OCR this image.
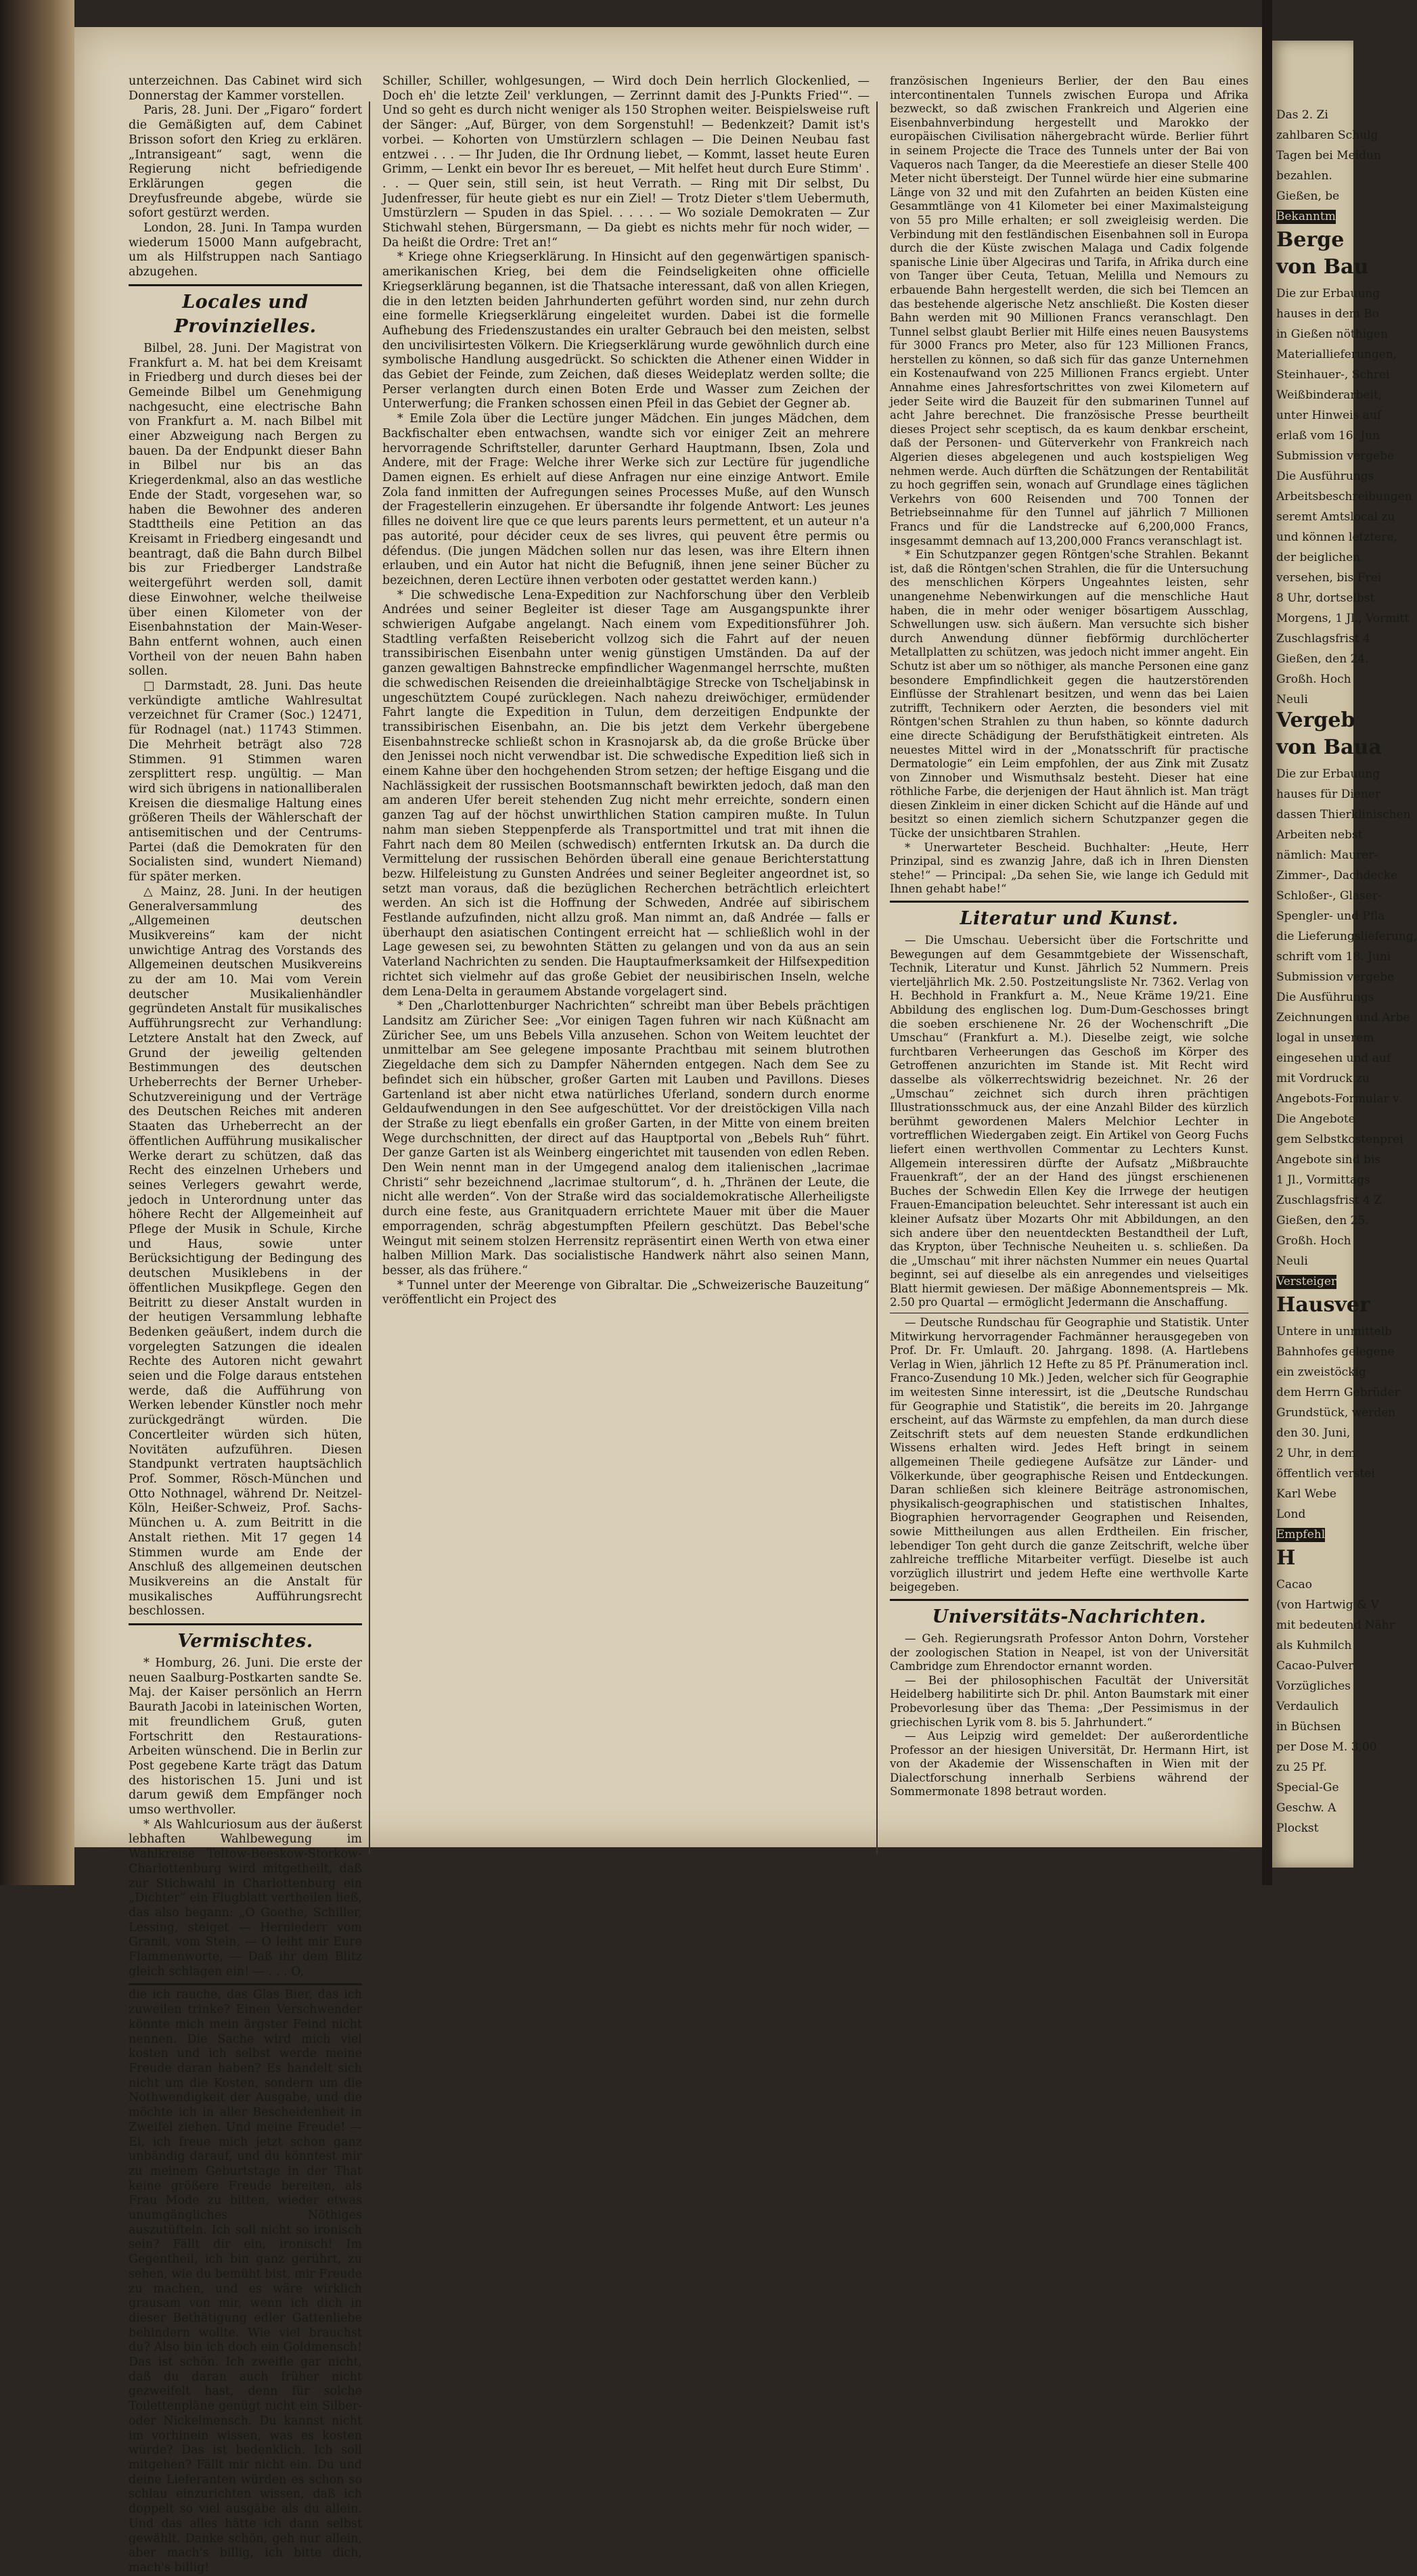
unterzeichnen. Das Cabinet wird sich Donnerstag der Kammer vorstellen.

Paris, 28. Juni. Der „Figaro“ fordert die Gemäßigten auf, dem Cabinet Brisson sofort den Krieg zu erklären. „Intransigeant“ sagt, wenn die Regierung nicht befriedigende Erklärungen gegen die Dreyfusfreunde abgebe, würde sie sofort gestürzt werden.

London, 28. Juni. In Tampa wurden wiederum 15000 Mann aufgebracht, um als Hilfstruppen nach Santiago abzugehen.

Locales und Provinzielles.

Bilbel, 28. Juni. Der Magistrat von Frankfurt a. M. hat bei dem Kreisamt in Friedberg und durch dieses bei der Gemeinde Bilbel um Genehmigung nachgesucht, eine electrische Bahn von Frankfurt a. M. nach Bilbel mit einer Abzweigung nach Bergen zu bauen. Da der Endpunkt dieser Bahn in Bilbel nur bis an das Kriegerdenkmal, also an das westliche Ende der Stadt, vorgesehen war, so haben die Bewohner des anderen Stadttheils eine Petition an das Kreisamt in Friedberg eingesandt und beantragt, daß die Bahn durch Bilbel bis zur Friedberger Landstraße weitergeführt werden soll, damit diese Einwohner, welche theilweise über einen Kilometer von der Eisenbahnstation der Main-Weser-Bahn entfernt wohnen, auch einen Vortheil von der neuen Bahn haben sollen.

□ Darmstadt, 28. Juni. Das heute verkündigte amtliche Wahlresultat verzeichnet für Cramer (Soc.) 12471, für Rodnagel (nat.) 11743 Stimmen. Die Mehrheit beträgt also 728 Stimmen. 91 Stimmen waren zersplittert resp. ungültig. — Man wird sich übrigens in nationalliberalen Kreisen die diesmalige Haltung eines größeren Theils der Wählerschaft der antisemitischen und der Centrums-Partei (daß die Demokraten für den Socialisten sind, wundert Niemand) für später merken.

△ Mainz, 28. Juni. In der heutigen Generalversammlung des „Allgemeinen deutschen Musikvereins“ kam der nicht unwichtige Antrag des Vorstands des Allgemeinen deutschen Musikvereins zu der am 10. Mai vom Verein deutscher Musikalienhändler gegründeten Anstalt für musikalisches Aufführungsrecht zur Verhandlung: Letztere Anstalt hat den Zweck, auf Grund der jeweilig geltenden Bestimmungen des deutschen Urheberrechts der Berner Urheber-Schutzvereinigung und der Verträge des Deutschen Reiches mit anderen Staaten das Urheberrecht an der öffentlichen Aufführung musikalischer Werke derart zu schützen, daß das Recht des einzelnen Urhebers und seines Verlegers gewahrt werde, jedoch in Unterordnung unter das höhere Recht der Allgemeinheit auf Pflege der Musik in Schule, Kirche und Haus, sowie unter Berücksichtigung der Bedingung des deutschen Musiklebens in der öffentlichen Musikpflege. Gegen den Beitritt zu dieser Anstalt wurden in der heutigen Versammlung lebhafte Bedenken geäußert, indem durch die vorgelegten Satzungen die idealen Rechte des Autoren nicht gewahrt seien und die Folge daraus entstehen werde, daß die Aufführung von Werken lebender Künstler noch mehr zurückgedrängt würden. Die Concertleiter würden sich hüten, Novitäten aufzuführen. Diesen Standpunkt vertraten hauptsächlich Prof. Sommer, Rösch-München und Otto Nothnagel, während Dr. Neitzel-Köln, Heißer-Schweiz, Prof. Sachs-München u. A. zum Beitritt in die Anstalt riethen. Mit 17 gegen 14 Stimmen wurde am Ende der Anschluß des allgemeinen deutschen Musikvereins an die Anstalt für musikalisches Aufführungsrecht beschlossen.

Vermischtes.

* Homburg, 26. Juni. Die erste der neuen Saalburg-Postkarten sandte Se. Maj. der Kaiser persönlich an Herrn Baurath Jacobi in lateinischen Worten, mit freundlichem Gruß, guten Fortschritt den Restaurations-Arbeiten wünschend. Die in Berlin zur Post gegebene Karte trägt das Datum des historischen 15. Juni und ist darum gewiß dem Empfänger noch umso werthvoller.

* Als Wahlcuriosum aus der äußerst lebhaften Wahlbewegung im Wahlkreise Teltow-Beeskow-Storkow-Charlottenburg wird mitgetheilt, daß zur Stichwahl in Charlottenburg ein „Dichter“ ein Flugblatt vertheilen ließ, das also begann: „O Goethe, Schiller, Lessing, steiget — Herniederr vom Granit, vom Stein, — O leiht mir Eure Flammenworte, — Daß ihr dem Blitz gleich schlagen ein! — . . . O,

die ich rauche, das Glas Bier, das ich zuweilen trinke? Einen Verschwender könnte mich mein ärgster Feind nicht nennen. Die Sache wird mich viel kosten und ich selbst werde meine Freude daran haben? Es handelt sich nicht um die Kosten, sondern um die Nothwendigkeit der Ausgabe, und die möchte ich in aller Bescheidenheit in Zweifel ziehen. Und meine Freude! — Ei, ich freue mich jetzt schon ganz unbändig darauf, und du könntest mir zu meinem Geburtstage in der That keine größere Freude bereiten, als Frau Mode zu bitten, wieder etwas unumgängliches Nöthiges auszutüfteln. Ich soll nicht so ironisch sein? Fällt dir ein, ironisch! Im Gegentheil, ich bin ganz gerührt, zu sehen, wie du bemüht bist, mir Freude zu machen, und es wäre wirklich grausam von mir, wenn ich dich in dieser Bethätigung edler Gattenliebe behindern wollte. Wie viel brauchst du? Also bin ich doch ein Goldmensch! Das ist schön. Ich zweifle gar nicht, daß du daran auch früher nicht gezweifelt hast, denn für solche Toilettenpläne genügt nicht ein Silber- oder Nickelmensch. Du kannst nicht im vorhinein wissen, was es kosten würde? Das ist bedenklich. Ich soll mitgehen? Fällt mir nicht ein. Du und deine Lieferanten würden es schon so schlau einzurichten wissen, daß ich doppelt so viel ausgäbe als du allein. Und das alles hätte ich dann selbst gewählt. Danke schön, geh nur allein, aber mach's billig, ich bitte dich, mach's billig!

Schiller, Schiller, wohlgesungen, — Wird doch Dein herrlich Glockenlied, — Doch eh' die letzte Zeil' verklungen, — Zerrinnt damit des J-Punkts Fried'“. — Und so geht es durch nicht weniger als 150 Strophen weiter. Beispielsweise ruft der Sänger: „Auf, Bürger, von dem Sorgenstuhl! — Bedenkzeit? Damit ist's vorbei. — Kohorten von Umstürzlern schlagen — Die Deinen Neubau fast entzwei . . . — Ihr Juden, die Ihr Ordnung liebet, — Kommt, lasset heute Euren Grimm, — Lenkt ein bevor Ihr es bereuet, — Mit helfet heut durch Eure Stimm' . . . — Quer sein, still sein, ist heut Verrath. — Ring mit Dir selbst, Du Judenfresser, für heute giebt es nur ein Ziel! — Trotz Dieter s'tlem Uebermuth, Umstürzlern — Spuden in das Spiel. . . . . — Wo soziale Demokraten — Zur Stichwahl stehen, Bürgersmann, — Da giebt es nichts mehr für noch wider, — Da heißt die Ordre: Tret an!“

* Kriege ohne Kriegserklärung. In Hinsicht auf den gegenwärtigen spanisch-amerikanischen Krieg, bei dem die Feindseligkeiten ohne officielle Kriegserklärung begannen, ist die Thatsache interessant, daß von allen Kriegen, die in den letzten beiden Jahrhunderten geführt worden sind, nur zehn durch eine formelle Kriegserklärung eingeleitet wurden. Dabei ist die formelle Aufhebung des Friedenszustandes ein uralter Gebrauch bei den meisten, selbst den uncivilisirtesten Völkern. Die Kriegserklärung wurde gewöhnlich durch eine symbolische Handlung ausgedrückt. So schickten die Athener einen Widder in das Gebiet der Feinde, zum Zeichen, daß dieses Weideplatz werden sollte; die Perser verlangten durch einen Boten Erde und Wasser zum Zeichen der Unterwerfung; die Franken schossen einen Pfeil in das Gebiet der Gegner ab.

* Emile Zola über die Lectüre junger Mädchen. Ein junges Mädchen, dem Backfischalter eben entwachsen, wandte sich vor einiger Zeit an mehrere hervorragende Schriftsteller, darunter Gerhard Hauptmann, Ibsen, Zola und Andere, mit der Frage: Welche ihrer Werke sich zur Lectüre für jugendliche Damen eignen. Es erhielt auf diese Anfragen nur eine einzige Antwort. Emile Zola fand inmitten der Aufregungen seines Processes Muße, auf den Wunsch der Fragestellerin einzugehen. Er übersandte ihr folgende Antwort: Les jeunes filles ne doivent lire que ce que leurs parents leurs permettent, et un auteur n'a pas autorité, pour décider ceux de ses livres, qui peuvent être permis ou défendus. (Die jungen Mädchen sollen nur das lesen, was ihre Eltern ihnen erlauben, und ein Autor hat nicht die Befugniß, ihnen jene seiner Bücher zu bezeichnen, deren Lectüre ihnen verboten oder gestattet werden kann.)

* Die schwedische Lena-Expedition zur Nachforschung über den Verbleib Andrées und seiner Begleiter ist dieser Tage am Ausgangspunkte ihrer schwierigen Aufgabe angelangt. Nach einem vom Expeditionsführer Joh. Stadtling verfaßten Reisebericht vollzog sich die Fahrt auf der neuen transsibirischen Eisenbahn unter wenig günstigen Umständen. Da auf der ganzen gewaltigen Bahnstrecke empfindlicher Wagenmangel herrschte, mußten die schwedischen Reisenden die dreieinhalbtägige Strecke von Tscheljabinsk in ungeschütztem Coupé zurücklegen. Nach nahezu dreiwöchiger, ermüdender Fahrt langte die Expedition in Tulun, dem derzeitigen Endpunkte der transsibirischen Eisenbahn, an. Die bis jetzt dem Verkehr übergebene Eisenbahnstrecke schließt schon in Krasnojarsk ab, da die große Brücke über den Jenissei noch nicht verwendbar ist. Die schwedische Expedition ließ sich in einem Kahne über den hochgehenden Strom setzen; der heftige Eisgang und die Nachlässigkeit der russischen Bootsmannschaft bewirkten jedoch, daß man den am anderen Ufer bereit stehenden Zug nicht mehr erreichte, sondern einen ganzen Tag auf der höchst unwirthlichen Station campiren mußte. In Tulun nahm man sieben Steppenpferde als Transportmittel und trat mit ihnen die Fahrt nach dem 80 Meilen (schwedisch) entfernten Irkutsk an. Da durch die Vermittelung der russischen Behörden überall eine genaue Berichterstattung bezw. Hilfeleistung zu Gunsten Andrées und seiner Begleiter angeordnet ist, so setzt man voraus, daß die bezüglichen Recherchen beträchtlich erleichtert werden. An sich ist die Hoffnung der Schweden, Andrée auf sibirischem Festlande aufzufinden, nicht allzu groß. Man nimmt an, daß Andrée — falls er überhaupt den asiatischen Contingent erreicht hat — schließlich wohl in der Lage gewesen sei, zu bewohnten Stätten zu gelangen und von da aus an sein Vaterland Nachrichten zu senden. Die Hauptaufmerksamkeit der Hilfsexpedition richtet sich vielmehr auf das große Gebiet der neusibirischen Inseln, welche dem Lena-Delta in geraumem Abstande vorgelagert sind.

* Den „Charlottenburger Nachrichten“ schreibt man über Bebels prächtigen Landsitz am Züricher See: „Vor einigen Tagen fuhren wir nach Küßnacht am Züricher See, um uns Bebels Villa anzusehen. Schon von Weitem leuchtet der unmittelbar am See gelegene imposante Prachtbau mit seinem blutrothen Ziegeldache dem sich zu Dampfer Nähernden entgegen. Nach dem See zu befindet sich ein hübscher, großer Garten mit Lauben und Pavillons. Dieses Gartenland ist aber nicht etwa natürliches Uferland, sondern durch enorme Geldaufwendungen in den See aufgeschüttet. Vor der dreistöckigen Villa nach der Straße zu liegt ebenfalls ein großer Garten, in der Mitte von einem breiten Wege durchschnitten, der direct auf das Hauptportal von „Bebels Ruh“ führt. Der ganze Garten ist als Weinberg eingerichtet mit tausenden von edlen Reben. Den Wein nennt man in der Umgegend analog dem italienischen „lacrimae Christi“ sehr bezeichnend „lacrimae stultorum“, d. h. „Thränen der Leute, die nicht alle werden“. Von der Straße wird das socialdemokratische Allerheiligste durch eine feste, aus Granitquadern errichtete Mauer mit über die Mauer emporragenden, schräg abgestumpften Pfeilern geschützt. Das Bebel'sche Weingut mit seinem stolzen Herrensitz repräsentirt einen Werth von etwa einer halben Million Mark. Das socialistische Handwerk nährt also seinen Mann, besser, als das frühere.“

* Tunnel unter der Meerenge von Gibraltar. Die „Schweizerische Bauzeitung“ veröffentlicht ein Project des

französischen Ingenieurs Berlier, der den Bau eines intercontinentalen Tunnels zwischen Europa und Afrika bezweckt, so daß zwischen Frankreich und Algerien eine Eisenbahnverbindung hergestellt und Marokko der europäischen Civilisation nähergebracht würde. Berlier führt in seinem Projecte die Trace des Tunnels unter der Bai von Vaqueros nach Tanger, da die Meerestiefe an dieser Stelle 400 Meter nicht übersteigt. Der Tunnel würde hier eine submarine Länge von 32 und mit den Zufahrten an beiden Küsten eine Gesammtlänge von 41 Kilometer bei einer Maximalsteigung von 55 pro Mille erhalten; er soll zweigleisig werden. Die Verbindung mit den festländischen Eisenbahnen soll in Europa durch die der Küste zwischen Malaga und Cadix folgende spanische Linie über Algeciras und Tarifa, in Afrika durch eine von Tanger über Ceuta, Tetuan, Melilla und Nemours zu erbauende Bahn hergestellt werden, die sich bei Tlemcen an das bestehende algerische Netz anschließt. Die Kosten dieser Bahn werden mit 90 Millionen Francs veranschlagt. Den Tunnel selbst glaubt Berlier mit Hilfe eines neuen Bausystems für 3000 Francs pro Meter, also für 123 Millionen Francs, herstellen zu können, so daß sich für das ganze Unternehmen ein Kostenaufwand von 225 Millionen Francs ergiebt. Unter Annahme eines Jahresfortschrittes von zwei Kilometern auf jeder Seite wird die Bauzeit für den submarinen Tunnel auf acht Jahre berechnet. Die französische Presse beurtheilt dieses Project sehr sceptisch, da es kaum denkbar erscheint, daß der Personen- und Güterverkehr von Frankreich nach Algerien dieses abgelegenen und auch kostspieligen Weg nehmen werde. Auch dürften die Schätzungen der Rentabilität zu hoch gegriffen sein, wonach auf Grundlage eines täglichen Verkehrs von 600 Reisenden und 700 Tonnen der Betriebseinnahme für den Tunnel auf jährlich 7 Millionen Francs und für die Landstrecke auf 6,200,000 Francs, insgesammt demnach auf 13,200,000 Francs veranschlagt ist.

* Ein Schutzpanzer gegen Röntgen'sche Strahlen. Bekannt ist, daß die Röntgen'schen Strahlen, die für die Untersuchung des menschlichen Körpers Ungeahntes leisten, sehr unangenehme Nebenwirkungen auf die menschliche Haut haben, die in mehr oder weniger bösartigem Ausschlag, Schwellungen usw. sich äußern. Man versuchte sich bisher durch Anwendung dünner fiebförmig durchlöcherter Metallplatten zu schützen, was jedoch nicht immer angeht. Ein Schutz ist aber um so nöthiger, als manche Personen eine ganz besondere Empfindlichkeit gegen die hautzerstörenden Einflüsse der Strahlenart besitzen, und wenn das bei Laien zutrifft, Technikern oder Aerzten, die besonders viel mit Röntgen'schen Strahlen zu thun haben, so könnte dadurch eine directe Schädigung der Berufsthätigkeit eintreten. Als neuestes Mittel wird in der „Monatsschrift für practische Dermatologie“ ein Leim empfohlen, der aus Zink mit Zusatz von Zinnober und Wismuthsalz besteht. Dieser hat eine röthliche Farbe, die derjenigen der Haut ähnlich ist. Man trägt diesen Zinkleim in einer dicken Schicht auf die Hände auf und besitzt so einen ziemlich sichern Schutzpanzer gegen die Tücke der unsichtbaren Strahlen.

* Unerwarteter Bescheid. Buchhalter: „Heute, Herr Prinzipal, sind es zwanzig Jahre, daß ich in Ihren Diensten stehe!“ — Principal: „Da sehen Sie, wie lange ich Geduld mit Ihnen gehabt habe!“

Literatur und Kunst.

— Die Umschau. Uebersicht über die Fortschritte und Bewegungen auf dem Gesammtgebiete der Wissenschaft, Technik, Literatur und Kunst. Jährlich 52 Nummern. Preis vierteljährlich Mk. 2.50. Postzeitungsliste Nr. 7362. Verlag von H. Bechhold in Frankfurt a. M., Neue Kräme 19/21. Eine Abbildung des englischen log. Dum-Dum-Geschosses bringt die soeben erschienene Nr. 26 der Wochenschrift „Die Umschau“ (Frankfurt a. M.). Dieselbe zeigt, wie solche furchtbaren Verheerungen das Geschoß im Körper des Getroffenen anzurichten im Stande ist. Mit Recht wird dasselbe als völkerrechtswidrig bezeichnet. Nr. 26 der „Umschau“ zeichnet sich durch ihren prächtigen Illustrationsschmuck aus, der eine Anzahl Bilder des kürzlich berühmt gewordenen Malers Melchior Lechter in vortrefflichen Wiedergaben zeigt. Ein Artikel von Georg Fuchs liefert einen werthvollen Commentar zu Lechters Kunst. Allgemein interessiren dürfte der Aufsatz „Mißbrauchte Frauenkraft“, der an der Hand des jüngst erschienenen Buches der Schwedin Ellen Key die Irrwege der heutigen Frauen-Emancipation beleuchtet. Sehr interessant ist auch ein kleiner Aufsatz über Mozarts Ohr mit Abbildungen, an den sich andere über den neuentdeckten Bestandtheil der Luft, das Krypton, über Technische Neuheiten u. s. schließen. Da die „Umschau“ mit ihrer nächsten Nummer ein neues Quartal beginnt, sei auf dieselbe als ein anregendes und vielseitiges Blatt hiermit gewiesen. Der mäßige Abonnementspreis — Mk. 2.50 pro Quartal — ermöglicht Jedermann die Anschaffung.

— Deutsche Rundschau für Geographie und Statistik. Unter Mitwirkung hervorragender Fachmänner herausgegeben von Prof. Dr. Fr. Umlauft. 20. Jahrgang. 1898. (A. Hartlebens Verlag in Wien, jährlich 12 Hefte zu 85 Pf. Pränumeration incl. Franco-Zusendung 10 Mk.) Jeden, welcher sich für Geographie im weitesten Sinne interessirt, ist die „Deutsche Rundschau für Geographie und Statistik“, die bereits im 20. Jahrgange erscheint, auf das Wärmste zu empfehlen, da man durch diese Zeitschrift stets auf dem neuesten Stande erdkundlichen Wissens erhalten wird. Jedes Heft bringt in seinem allgemeinen Theile gediegene Aufsätze zur Länder- und Völkerkunde, über geographische Reisen und Entdeckungen. Daran schließen sich kleinere Beiträge astronomischen, physikalisch-geographischen und statistischen Inhaltes, Biographien hervorragender Geographen und Reisenden, sowie Mittheilungen aus allen Erdtheilen. Ein frischer, lebendiger Ton geht durch die ganze Zeitschrift, welche über zahlreiche treffliche Mitarbeiter verfügt. Dieselbe ist auch vorzüglich illustrirt und jedem Hefte eine werthvolle Karte beigegeben.

Universitäts-Nachrichten.

— Geh. Regierungsrath Professor Anton Dohrn, Vorsteher der zoologischen Station in Neapel, ist von der Universität Cambridge zum Ehrendoctor ernannt worden.

— Bei der philosophischen Facultät der Universität Heidelberg habilitirte sich Dr. phil. Anton Baumstark mit einer Probevorlesung über das Thema: „Der Pessimismus in der griechischen Lyrik vom 8. bis 5. Jahrhundert.“

— Aus Leipzig wird gemeldet: Der außerordentliche Professor an der hiesigen Universität, Dr. Hermann Hirt, ist von der Akademie der Wissenschaften in Wien mit der Dialectforschung innerhalb Serbiens während der Sommermonate 1898 betraut worden.

Das 2. Zi
zahlbaren Schulg
Tagen bei Meidun
bezahlen.
Gießen, be
Bekanntm
Berge
von Bau
Die zur Erbauung
hauses in dem Bo
in Gießen nöthigen
Materiallieferungen,
Steinhauer-, Schrei
Weißbinderarbeit,
unter Hinweis auf
erlaß vom 16. Jun
Submission vergebe
Die Ausführungs
Arbeitsbeschreibungen
seremt Amtslocal zu
und können letztere,
der beiglichen
versehen, bis Frei
8 Uhr, dortselbst
Morgens, 1 Jl., Vormitt
Zuschlagsfrist 4
Gießen, den 24.
Großh. Hoch
Neuli
Vergeb
von Baua
Die zur Erbauung
hauses für Diener
dassen Thierklinischen
Arbeiten nebst
nämlich: Maurer-
Zimmer-, Dachdecke
Schloßer-, Glaser-
Spengler- und Pfla
die Lieferungslieferung,
schrift vom 18. Juni
Submission vergebe
Die Ausführungs
Zeichnungen und Arbe
logal in unserem
eingesehen und auf
mit Vordruck zu
Angebots-Formular v
Die Angebote
gem Selbstkostenprei
Angebote sind bis
1 Jl., Vormittags
Zuschlagsfrist 4 Z
Gießen, den 25.
Großh. Hoch
Neuli
Versteiger
Hausver
Untere in unmittelb
Bahnhofes gelegene
ein zweistöckig
dem Herrn Gebrüder
Grundstück, werden
den 30. Juni,
2 Uhr, in dem
öffentlich verstei
Karl Webe
Lond
Empfehl
H
Cacao
(von Hartwig & V
mit bedeutend Nähr
als Kuhmilch
Cacao-Pulver
Vorzügliches
Verdaulich
in Büchsen
per Dose M. 3,00
zu 25 Pf.
Special-Ge
Geschw. A
Plockst
